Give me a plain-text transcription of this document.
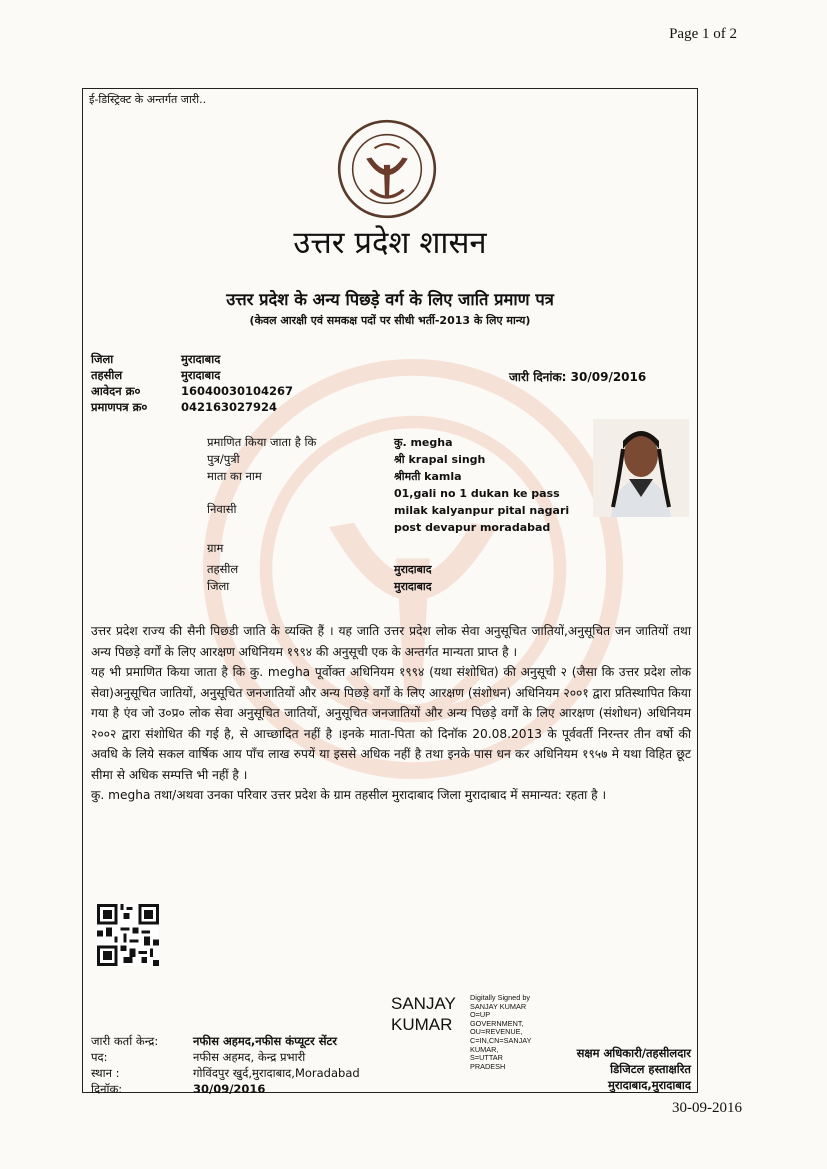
Page 1 of 2
30-09-2016
ई-डिस्ट्रिक्ट के अन्तर्गत जारी..
उत्तर प्रदेश शासन
उत्तर प्रदेश के अन्य पिछड़े वर्ग के लिए जाति प्रमाण पत्र
(केवल आरक्षी एवं समकक्ष पदों पर सीधी भर्ती-2013 के लिए मान्य)
जिला	मुरादाबाद
तहसील	मुरादाबाद
आवेदन क्र०	16040030104267
प्रमाणपत्र क्र०	042163027924
जारी दिनांक: 30/09/2016
प्रमाणित किया जाता है कि	कु. megha
पुत्र/पुत्री	श्री krapal singh
माता का नाम	श्रीमती kamla
निवासी	01,gali no 1 dukan ke pass milak kalyanpur pital nagari post devapur moradabad
ग्राम	
तहसील	मुरादाबाद
जिला	मुरादाबाद

उत्तर प्रदेश राज्य की सैनी पिछडी जाति के व्यक्ति हैं । यह जाति उत्तर प्रदेश लोक सेवा अनुसूचित जातियों,अनुसूचित जन जातियों तथा अन्य पिछड़े वर्गों के लिए आरक्षण अधिनियम १९९४ की अनुसूची एक के अन्तर्गत मान्यता प्राप्त है ।

यह भी प्रमाणित किया जाता है कि कु. megha पूर्वोक्त अधिनियम १९९४ (यथा संशोधित) की अनुसूची २ (जैसा कि उत्तर प्रदेश लोक सेवा)अनुसूचित जातियों, अनुसूचित जनजातियों और अन्य पिछड़े वर्गों के लिए आरक्षण (संशोधन) अधिनियम २००१ द्वारा प्रतिस्थापित किया गया है एंव जो उ०प्र० लोक सेवा अनुसूचित जातियों, अनुसूचित जनजातियों और अन्य पिछड़े वर्गों के लिए आरक्षण (संशोधन) अधिनियम २००२ द्वारा संशोधित की गई है, से आच्छादित नहीं है ।इनके माता-पिता को दिनॉक 20.08.2013 के पूर्ववर्ती निरन्तर तीन वर्षो की अवधि के लिये सकल वार्षिक आय पाँच लाख रुपयें या इससे अधिक नहीं है तथा इनके पास धन कर अधिनियम १९५७ मे यथा विहित छूट सीमा से अधिक सम्पत्ति भी नहीं है ।

कु. megha तथा/अथवा उनका परिवार उत्तर प्रदेश के ग्राम तहसील मुरादाबाद जिला मुरादाबाद में समान्यत: रहता है ।

SANJAY
KUMAR
Digitally Signed by
SANJAY KUMAR
O=UP
GOVERNMENT,
OU=REVENUE,
C=IN,CN=SANJAY
KUMAR,
S=UTTAR
PRADESH
जारी कर्ता केन्द्र:	नफीस अहमद,नफीस कंप्यूटर सेंटर
पद:	नफीस अहमद, केन्द्र प्रभारी
स्थान :	गोविंदपुर खुर्द,मुरादाबाद,Moradabad
दिनॉक:	30/09/2016
सक्षम अधिकारी/तहसीलदार
डिजिटल हस्ताक्षरित
मुरादाबाद,मुरादाबाद
